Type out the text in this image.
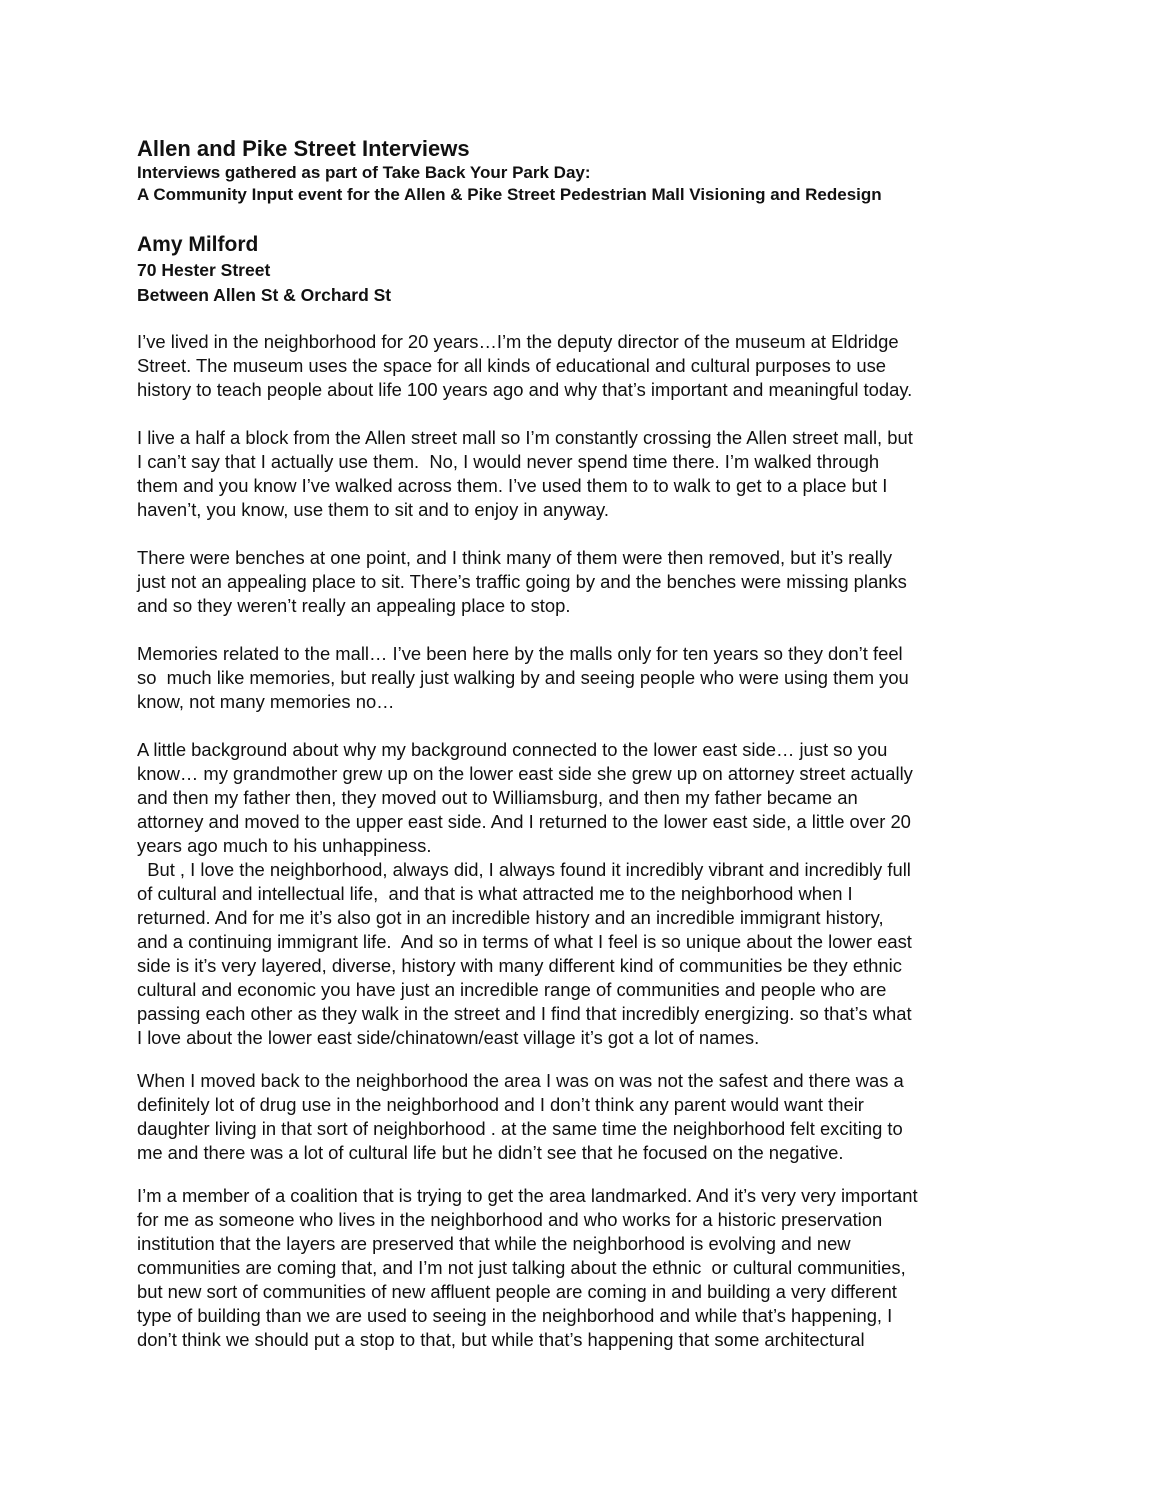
Allen and Pike Street Interviews
Interviews gathered as part of Take Back Your Park Day:
A Community Input event for the Allen & Pike Street Pedestrian Mall Visioning and Redesign
Amy Milford
70 Hester Street
Between Allen St & Orchard St
I’ve lived in the neighborhood for 20 years…I’m the deputy director of the museum at Eldridge
Street. The museum uses the space for all kinds of educational and cultural purposes to use
history to teach people about life 100 years ago and why that’s important and meaningful today.
I live a half a block from the Allen street mall so I’m constantly crossing the Allen street mall, but
I can’t say that I actually use them.  No, I would never spend time there. I’m walked through
them and you know I’ve walked across them. I’ve used them to to walk to get to a place but I
haven’t, you know, use them to sit and to enjoy in anyway.
There were benches at one point, and I think many of them were then removed, but it’s really
just not an appealing place to sit. There’s traffic going by and the benches were missing planks
and so they weren’t really an appealing place to stop.
Memories related to the mall… I’ve been here by the malls only for ten years so they don’t feel
so  much like memories, but really just walking by and seeing people who were using them you
know, not many memories no…
A little background about why my background connected to the lower east side… just so you
know… my grandmother grew up on the lower east side she grew up on attorney street actually
and then my father then, they moved out to Williamsburg, and then my father became an
attorney and moved to the upper east side. And I returned to the lower east side, a little over 20
years ago much to his unhappiness.
But , I love the neighborhood, always did, I always found it incredibly vibrant and incredibly full
of cultural and intellectual life,  and that is what attracted me to the neighborhood when I
returned. And for me it’s also got in an incredible history and an incredible immigrant history,
and a continuing immigrant life.  And so in terms of what I feel is so unique about the lower east
side is it’s very layered, diverse, history with many different kind of communities be they ethnic
cultural and economic you have just an incredible range of communities and people who are
passing each other as they walk in the street and I find that incredibly energizing. so that’s what
I love about the lower east side/chinatown/east village it’s got a lot of names.
When I moved back to the neighborhood the area I was on was not the safest and there was a
definitely lot of drug use in the neighborhood and I don’t think any parent would want their
daughter living in that sort of neighborhood . at the same time the neighborhood felt exciting to
me and there was a lot of cultural life but he didn’t see that he focused on the negative.
I’m a member of a coalition that is trying to get the area landmarked. And it’s very very important
for me as someone who lives in the neighborhood and who works for a historic preservation
institution that the layers are preserved that while the neighborhood is evolving and new
communities are coming that, and I’m not just talking about the ethnic  or cultural communities,
but new sort of communities of new affluent people are coming in and building a very different
type of building than we are used to seeing in the neighborhood and while that’s happening, I
don’t think we should put a stop to that, but while that’s happening that some architectural
